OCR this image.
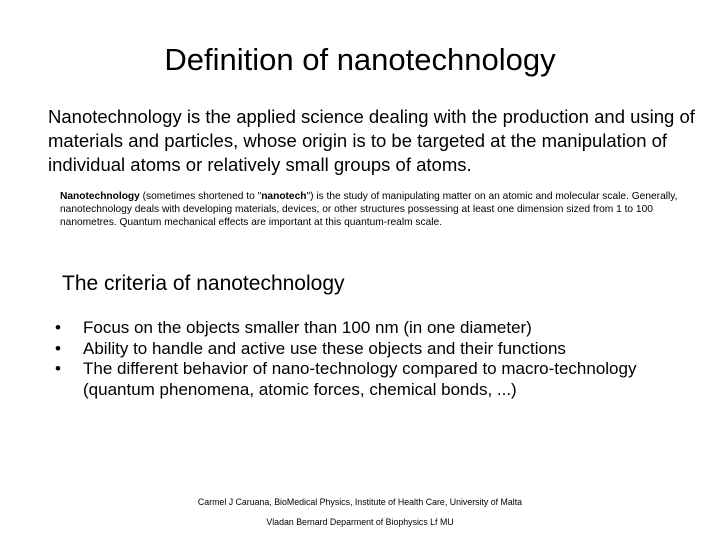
Definition of nanotechnology
Nanotechnology is the applied science dealing with the production and using of materials and particles, whose origin is to be targeted at the manipulation of individual atoms or relatively small groups of atoms.
Nanotechnology (sometimes shortened to "nanotech") is the study of manipulating matter on an atomic and molecular scale. Generally, nanotechnology deals with developing materials, devices, or other structures possessing at least one dimension sized from 1 to 100 nanometres. Quantum mechanical effects are important at this quantum-realm scale.
The criteria of nanotechnology
• Focus on the objects smaller than 100 nm (in one diameter)
• Ability to handle and active use these objects and their functions
• The different behavior of nano-technology compared to macro-technology (quantum phenomena, atomic forces, chemical bonds, ...)
Carmel J Caruana, BioMedical Physics, Institute of Health Care, University of Malta
Vladan Bernard Deparment of Biophysics Lf MU
